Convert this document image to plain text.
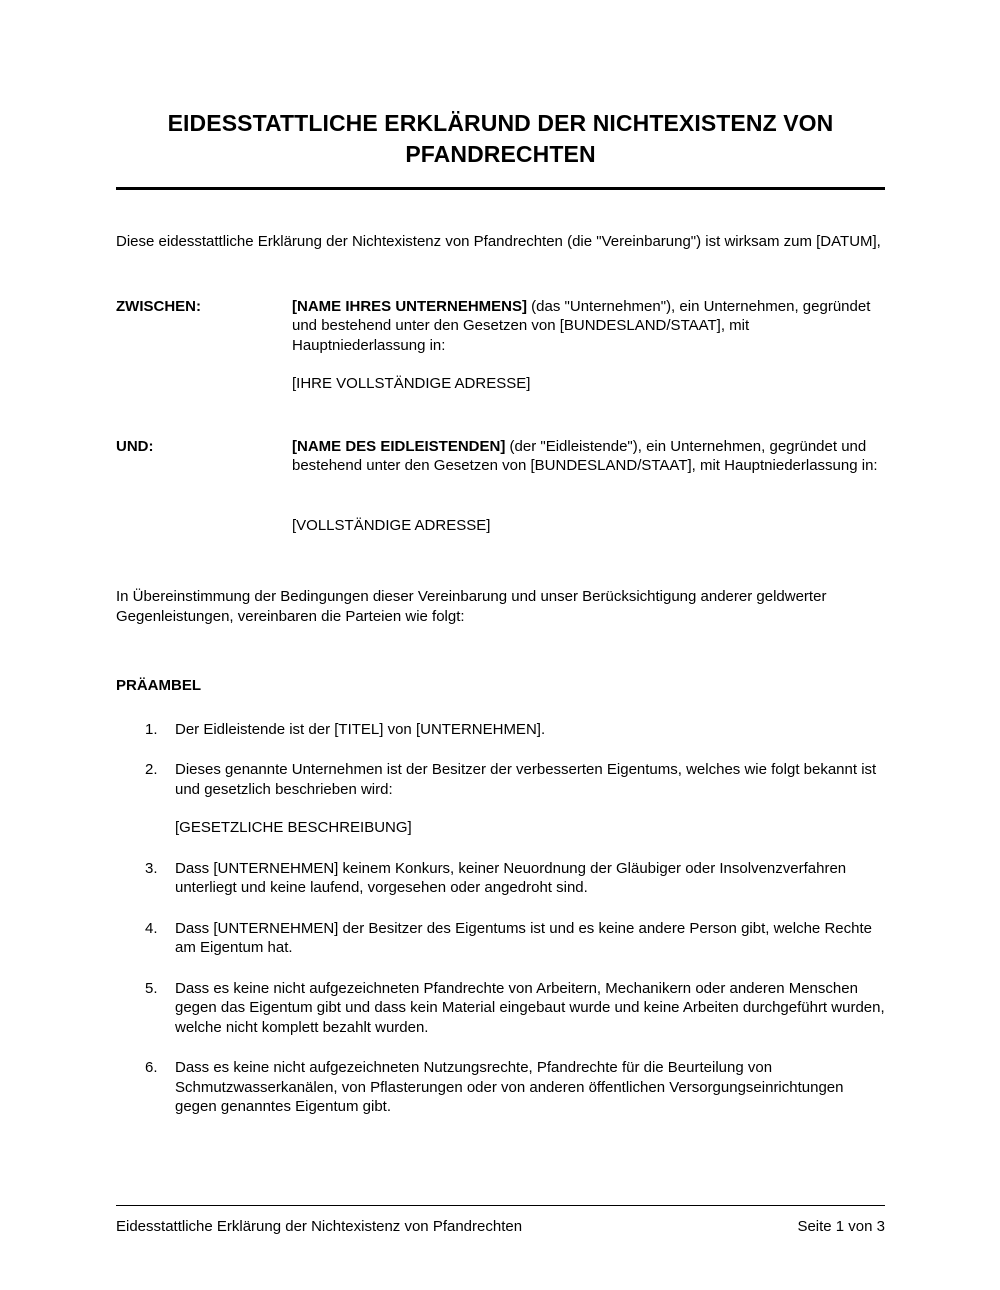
EIDESSTATTLICHE ERKLÄRUND DER NICHTEXISTENZ VON PFANDRECHTEN

Diese eidesstattliche Erklärung der Nichtexistenz von Pfandrechten (die "Vereinbarung") ist wirksam zum [DATUM],

ZWISCHEN:	[NAME IHRES UNTERNEHMENS] (das "Unternehmen"), ein Unternehmen, gegründet und bestehend unter den Gesetzen von [BUNDESLAND/STAAT], mit Hauptniederlassung in:

[IHRE VOLLSTÄNDIGE ADRESSE]

UND:	[NAME DES EIDLEISTENDEN] (der "Eidleistende"), ein Unternehmen, gegründet und bestehend unter den Gesetzen von [BUNDESLAND/STAAT], mit Hauptniederlassung in:

[VOLLSTÄNDIGE ADRESSE]

In Übereinstimmung der Bedingungen dieser Vereinbarung und unser Berücksichtigung anderer geldwerter Gegenleistungen, vereinbaren die Parteien wie folgt:

PRÄAMBEL
1.	Der Eidleistende ist der [TITEL] von [UNTERNEHMEN].
2.	Dieses genannte Unternehmen ist der Besitzer der verbesserten Eigentums, welches wie folgt bekannt ist und gesetzlich beschrieben wird:
[GESETZLICHE BESCHREIBUNG]
3.	Dass [UNTERNEHMEN] keinem Konkurs, keiner Neuordnung der Gläubiger oder Insolvenzverfahren unterliegt und keine laufend, vorgesehen oder angedroht sind.
4.	Dass [UNTERNEHMEN] der Besitzer des Eigentums ist und es keine andere Person gibt, welche Rechte am Eigentum hat.
5.	Dass es keine nicht aufgezeichneten Pfandrechte von Arbeitern, Mechanikern oder anderen Menschen gegen das Eigentum gibt und dass kein Material eingebaut wurde und keine Arbeiten durchgeführt wurden, welche nicht komplett bezahlt wurden.
6.	Dass es keine nicht aufgezeichneten Nutzungsrechte, Pfandrechte für die Beurteilung von Schmutzwasserkanälen, von Pflasterungen oder von anderen öffentlichen Versorgungseinrichtungen gegen genanntes Eigentum gibt.
Eidesstattliche Erklärung der Nichtexistenz von Pfandrechten	Seite 1 von 3
